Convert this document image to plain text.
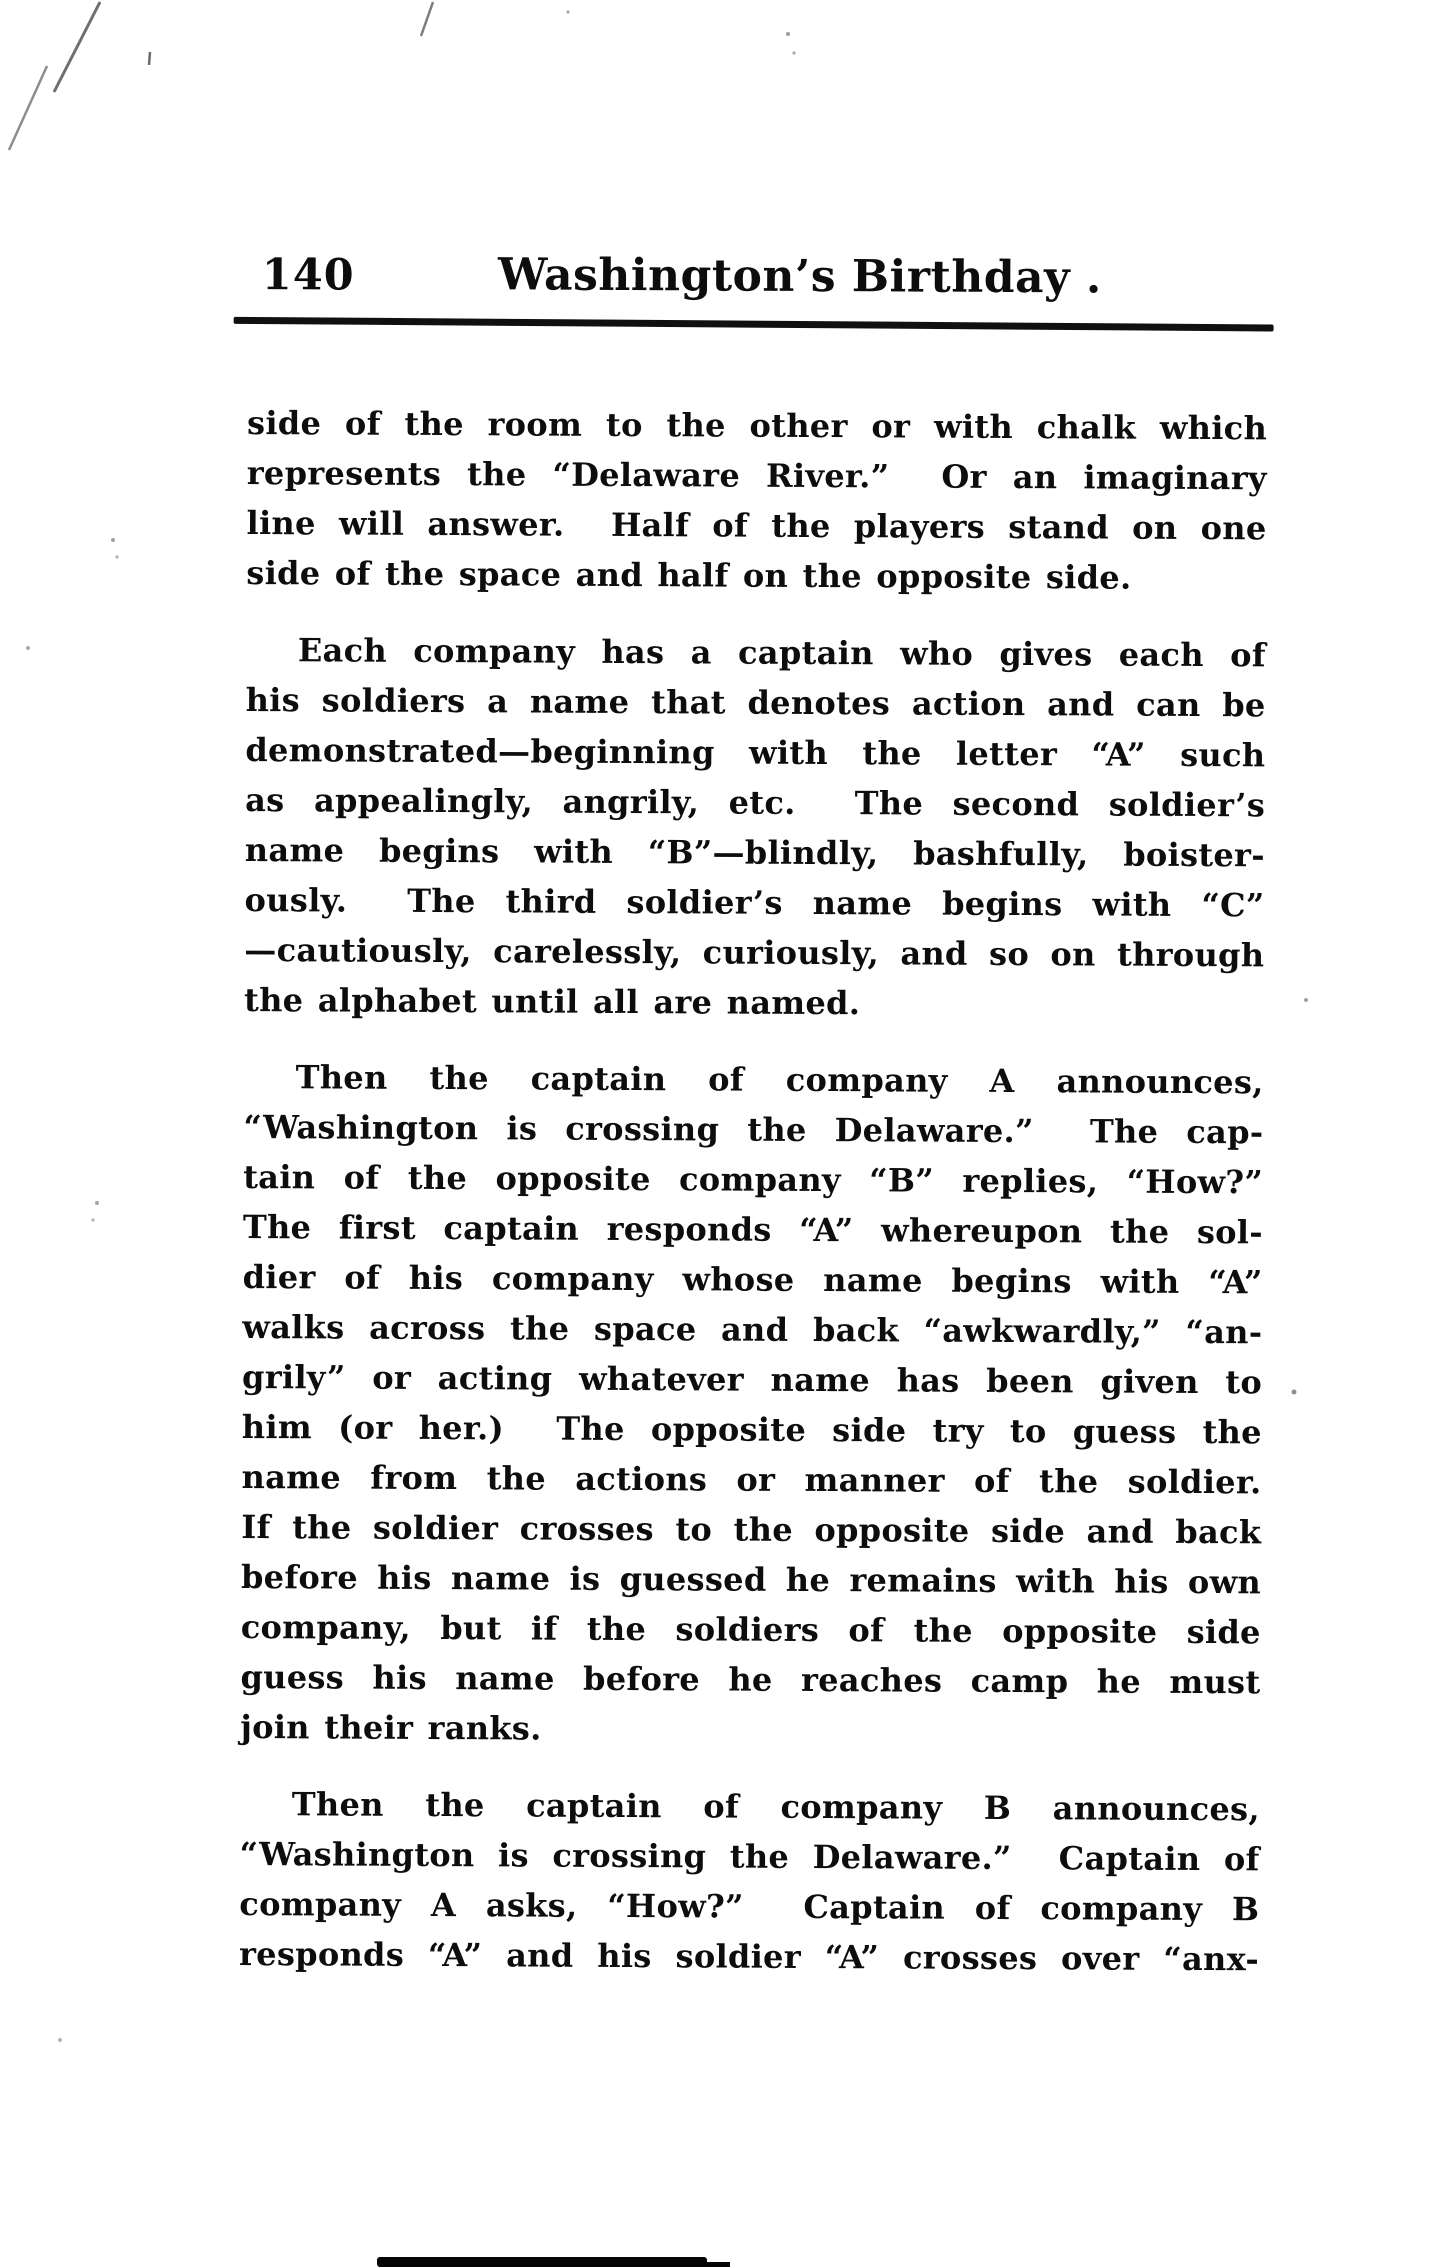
140	Washington’s Birthday .

side of the room to the other or with chalk which
represents the “Delaware River.”  Or an imaginary
line will answer.  Half of the players stand on one
side of the space and half on the opposite side.

Each company has a captain who gives each of
his soldiers a name that denotes action and can be
demonstrated—beginning with the letter “A” such
as appealingly, angrily, etc.  The second soldier’s
name begins with “B”—blindly, bashfully, boister-
ously.  The third soldier’s name begins with “C”
—cautiously, carelessly, curiously, and so on through
the alphabet until all are named.

Then the captain of company A announces,
“Washington is crossing the Delaware.”  The cap-
tain of the opposite company “B” replies, “How?”
The first captain responds “A” whereupon the sol-
dier of his company whose name begins with “A”
walks across the space and back “awkwardly,” “an-
grily” or acting whatever name has been given to
him (or her.)  The opposite side try to guess the
name from the actions or manner of the soldier.
If the soldier crosses to the opposite side and back
before his name is guessed he remains with his own
company, but if the soldiers of the opposite side
guess his name before he reaches camp he must
join their ranks.

Then the captain of company B announces,
“Washington is crossing the Delaware.”  Captain of
company A asks, “How?”  Captain of company B
responds “A” and his soldier “A” crosses over “anx-
